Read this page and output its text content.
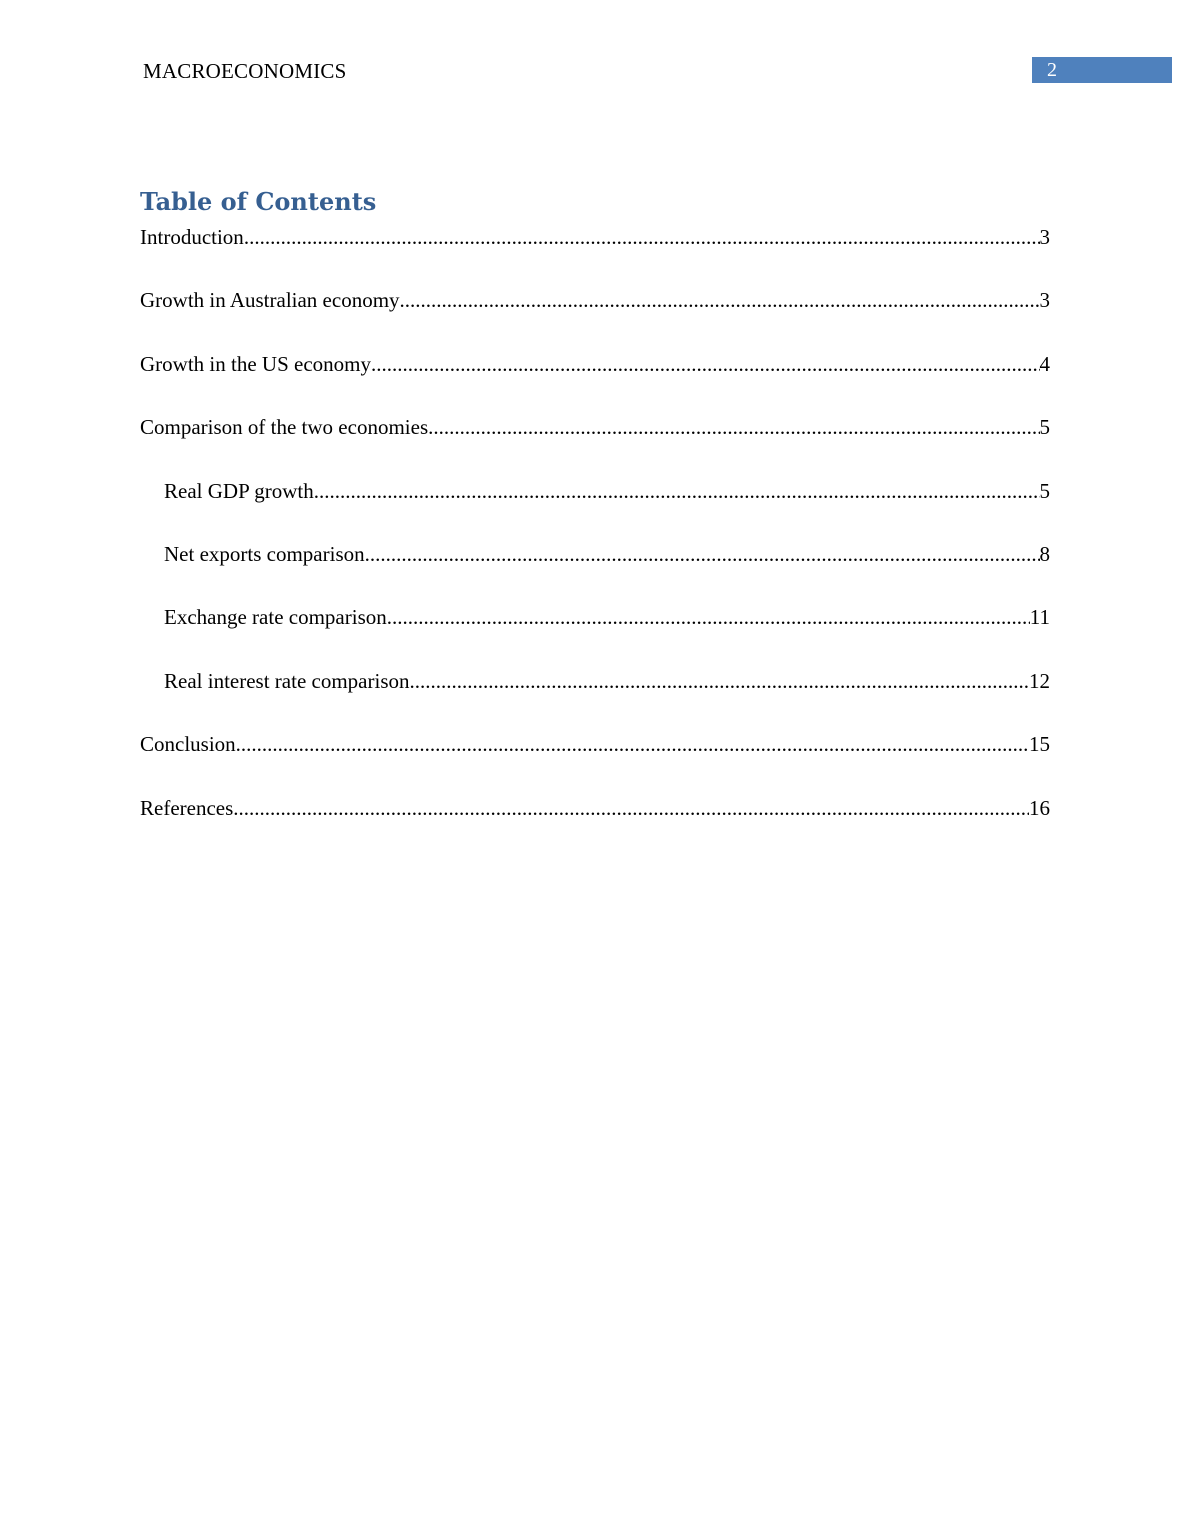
MACROECONOMICS	2
Table of Contents
Introduction .....	3
Growth in Australian economy .....	3
Growth in the US economy .....	4
Comparison of the two economies .....	5
Real GDP growth .....	5
Net exports comparison .....	8
Exchange rate comparison .....	11
Real interest rate comparison .....	12
Conclusion .....	15
References .....	16
